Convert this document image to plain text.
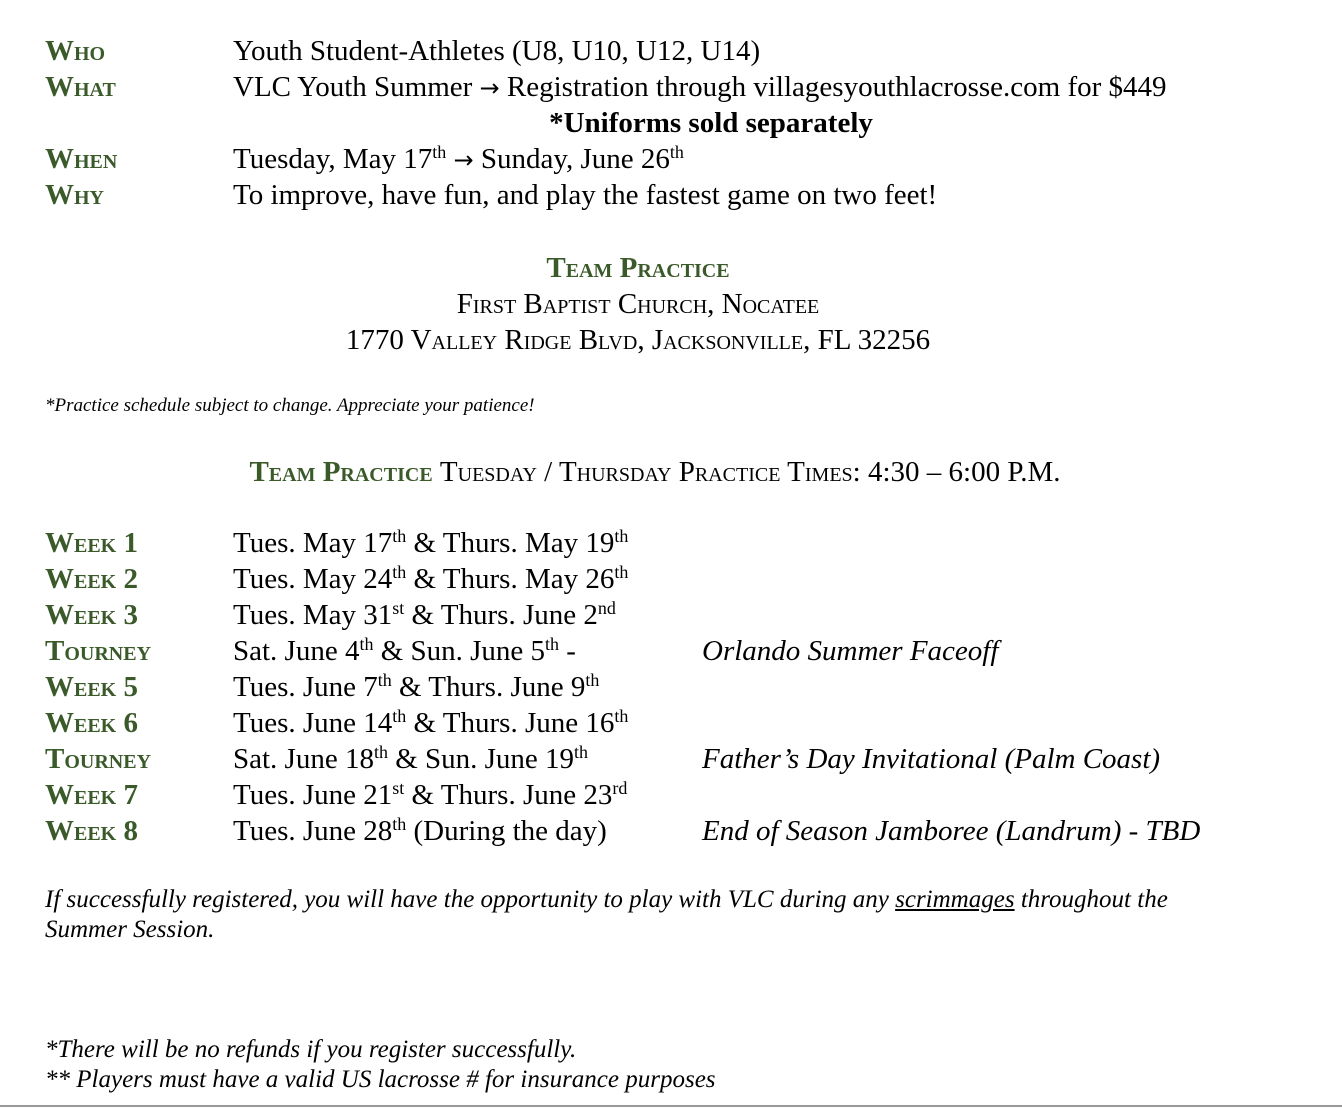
Who	Youth Student-Athletes (U8, U10, U12, U14)
What	VLC Youth Summer → Registration through villagesyouthlacrosse.com for $449
*Uniforms sold separately
When	Tuesday, May 17th → Sunday, June 26th
Why	To improve, have fun, and play the fastest game on two feet!
Team Practice
First Baptist Church, Nocatee
1770 Valley Ridge Blvd, Jacksonville, FL 32256
*Practice schedule subject to change. Appreciate your patience!
Team Practice Tuesday / Thursday Practice Times: 4:30 – 6:00 P.M.
Week 1	Tues. May 17th & Thurs. May 19th
Week 2	Tues. May 24th & Thurs. May 26th
Week 3	Tues. May 31st & Thurs. June 2nd
Tourney	Sat. June 4th & Sun. June 5th -	Orlando Summer Faceoff
Week 5	Tues. June 7th & Thurs. June 9th
Week 6	Tues. June 14th & Thurs. June 16th
Tourney	Sat. June 18th & Sun. June 19th	Father’s Day Invitational (Palm Coast)
Week 7	Tues. June 21st & Thurs. June 23rd
Week 8	Tues. June 28th (During the day)	End of Season Jamboree (Landrum) - TBD
If successfully registered, you will have the opportunity to play with VLC during any scrimmages throughout the
Summer Session.
*There will be no refunds if you register successfully.
** Players must have a valid US lacrosse # for insurance purposes
